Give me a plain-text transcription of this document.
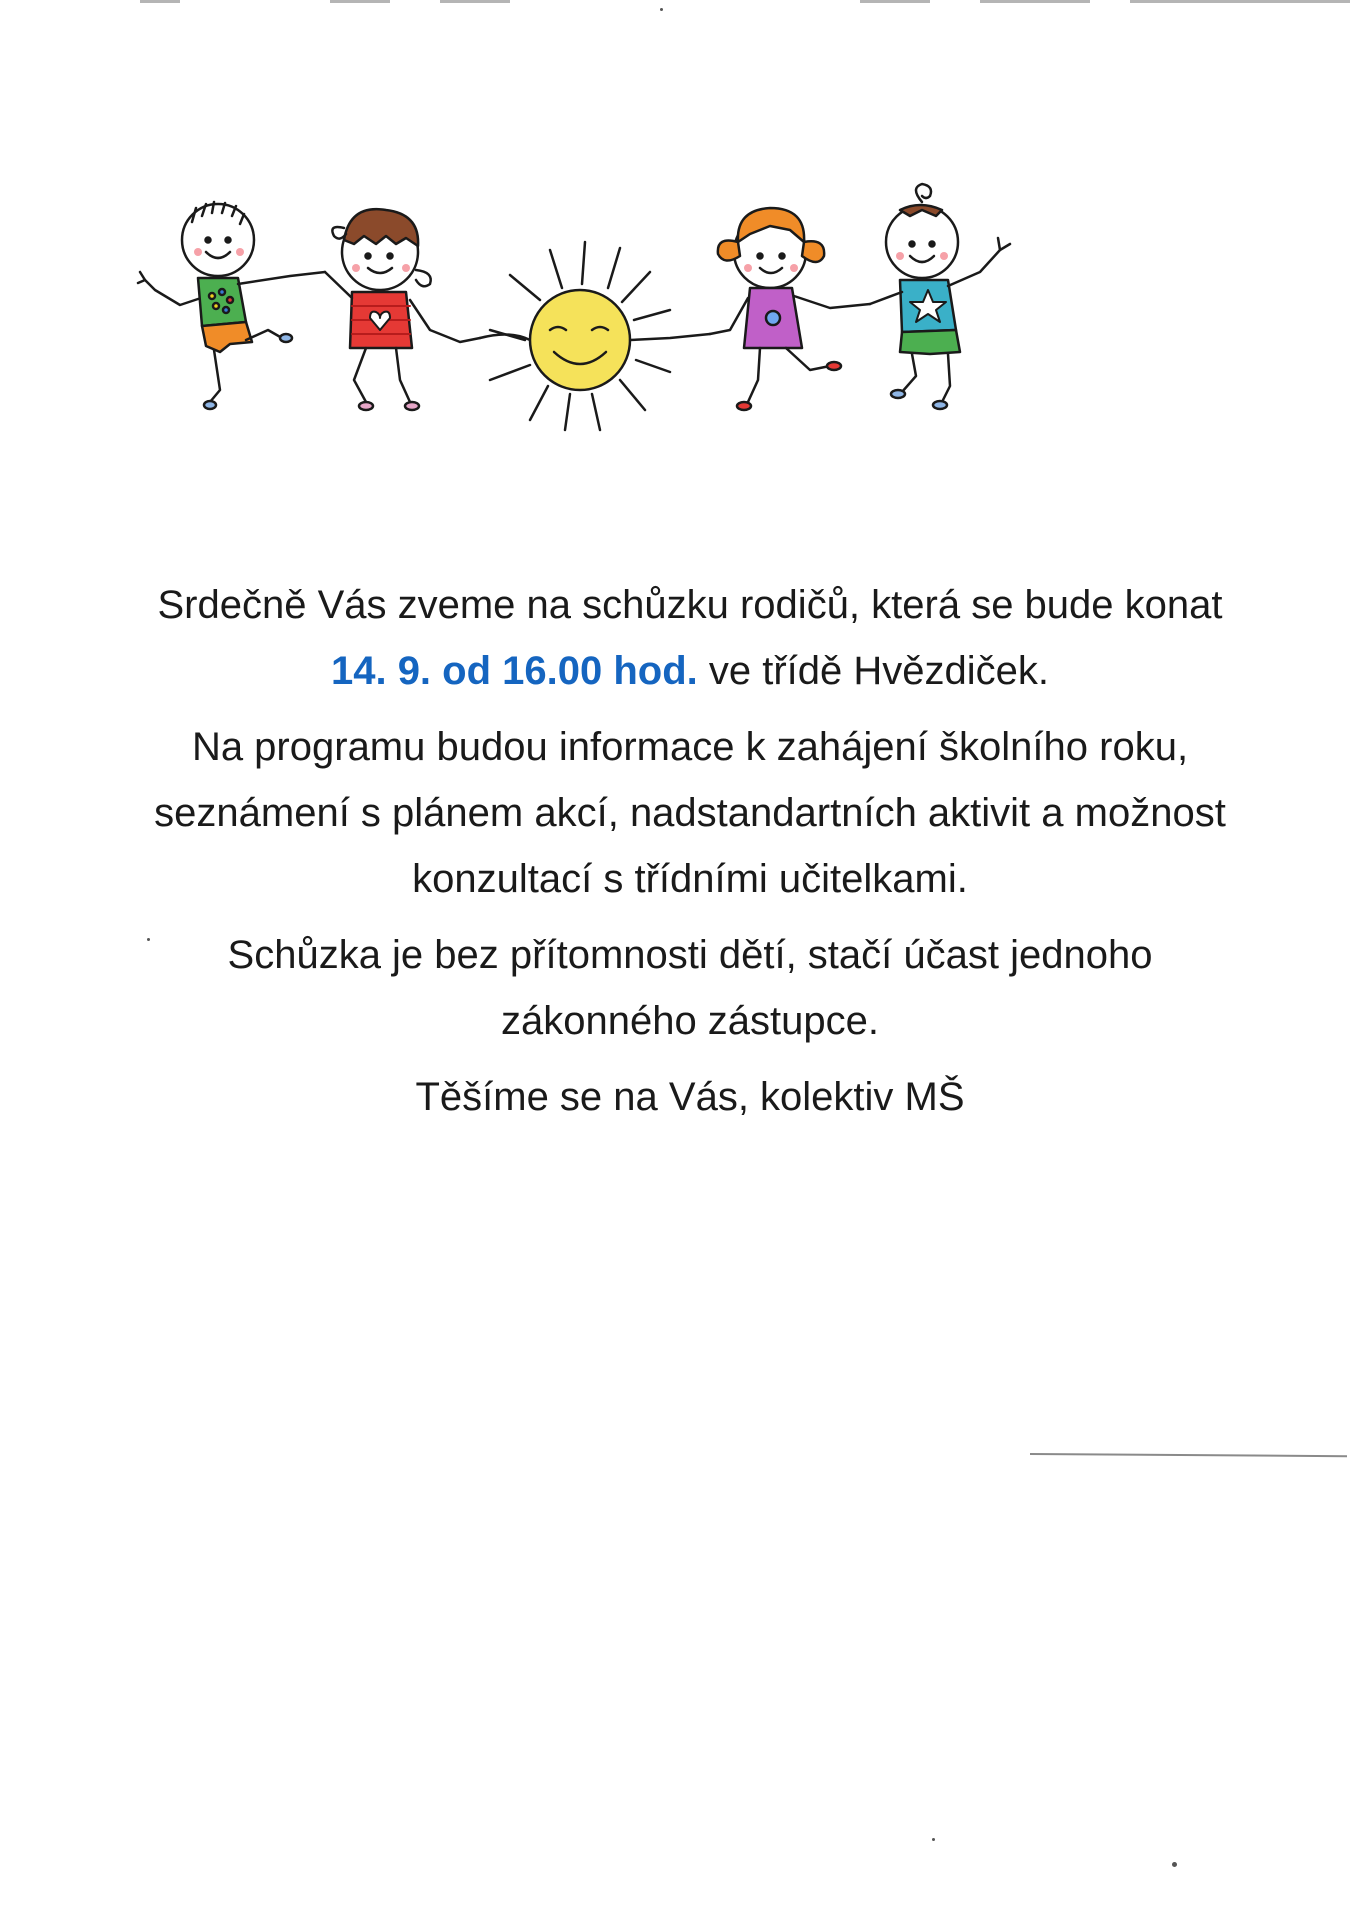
Srdečně Vás zveme na schůzku rodičů, která se bude konat 14. 9. od 16.00 hod. ve třídě Hvězdiček.

Na programu budou informace k zahájení školního roku, seznámení s plánem akcí, nadstandartních aktivit a možnost konzultací s třídními učitelkami.

Schůzka je bez přítomnosti dětí, stačí účast jednoho zákonného zástupce.

Těšíme se na Vás, kolektiv MŠ
